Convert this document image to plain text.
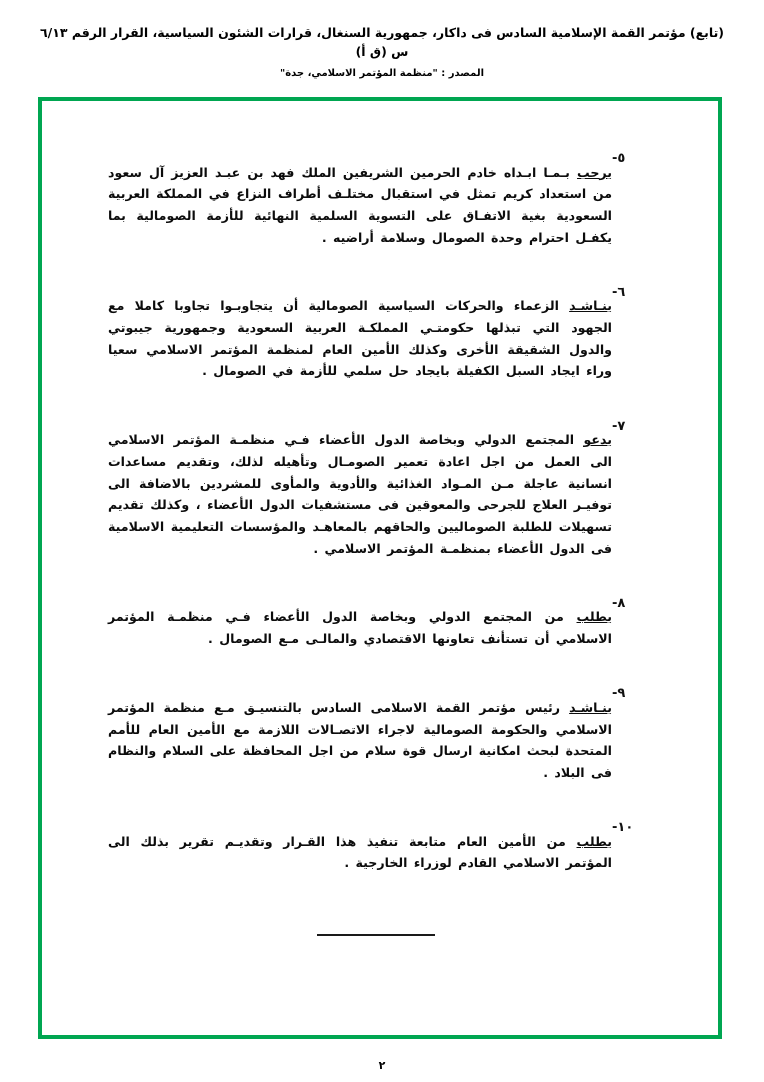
(تابع) مؤتمر القمة الإسلامية السادس فى داكار، جمهورية السنغال، قرارات الشئون السياسية، القرار الرقم ٦/١٣ س (ق أ)
المصدر : "منظمة المؤتمر الاسلامي، جدة"
٥-

يرحب بـمـا ابـداه خادم الحرمين الشريفين الملك فهد بن عبـد العزيز آل سعود من استعداد كريم تمثل في استقبال مختلـف أطراف النزاع في المملكة العربية السعودية بغية الاتفـاق على التسوية السلمية النهائية للأزمة الصومالية بما يكفـل احترام وحدة الصومال وسلامة أراضيه .

٦-

ينـاشـد الزعماء والحركات السياسية الصومالية أن يتجاوبـوا تجاوبا كاملا مع الجهود التي تبذلها حكومتـي المملكـة العربية السعودية وجمهورية جيبوتي والدول الشقيقة الأخرى وكذلك الأمين العام لمنظمة المؤتمر الاسلامي سعيا وراء ايجاد السبل الكفيلة بايجاد حل سلمي للأزمة في الصومال .

٧-

يدعو المجتمع الدولي وبخاصة الدول الأعضاء فـي منظمـة المؤتمر الاسلامي الى العمل من اجل اعادة تعمير الصومـال وتأهيله لذلك، وتقديم مساعدات انسانية عاجلة مـن المـواد الغذائية والأدوية والمأوى للمشردين بالاضافة الى توفيـر العلاج للجرحى والمعوقين فى مستشفيات الدول الأعضاء ، وكذلك تقديم تسهيلات للطلبة الصوماليين والحاقهم بالمعاهـد والمؤسسات التعليمية الاسلامية فى الدول الأعضاء بمنظمـة المؤتمر الاسلامي .

٨-

يطلب من المجتمع الدولي وبخاصة الدول الأعضاء فـي منظمـة المؤتمر الاسلامي أن تستأنف تعاونها الاقتصادي والمالـى مـع الصومال .

٩-

ينـاشـد رئيس مؤتمر القمة الاسلامى السادس بالتنسيـق مـع منظمة المؤتمر الاسلامي والحكومة الصومالية لاجراء الاتصـالات اللازمة مع الأمين العام للأمم المتحدة لبحث امكانية ارسال قوة سلام من اجل المحافظة على السلام والنظام فى البلاد .

١٠-

يطلب من الأمين العام متابعة تنفيذ هذا القـرار وتقديـم تقرير بذلك الى المؤتمر الاسلامي القادم لوزراء الخارجية .

٢
